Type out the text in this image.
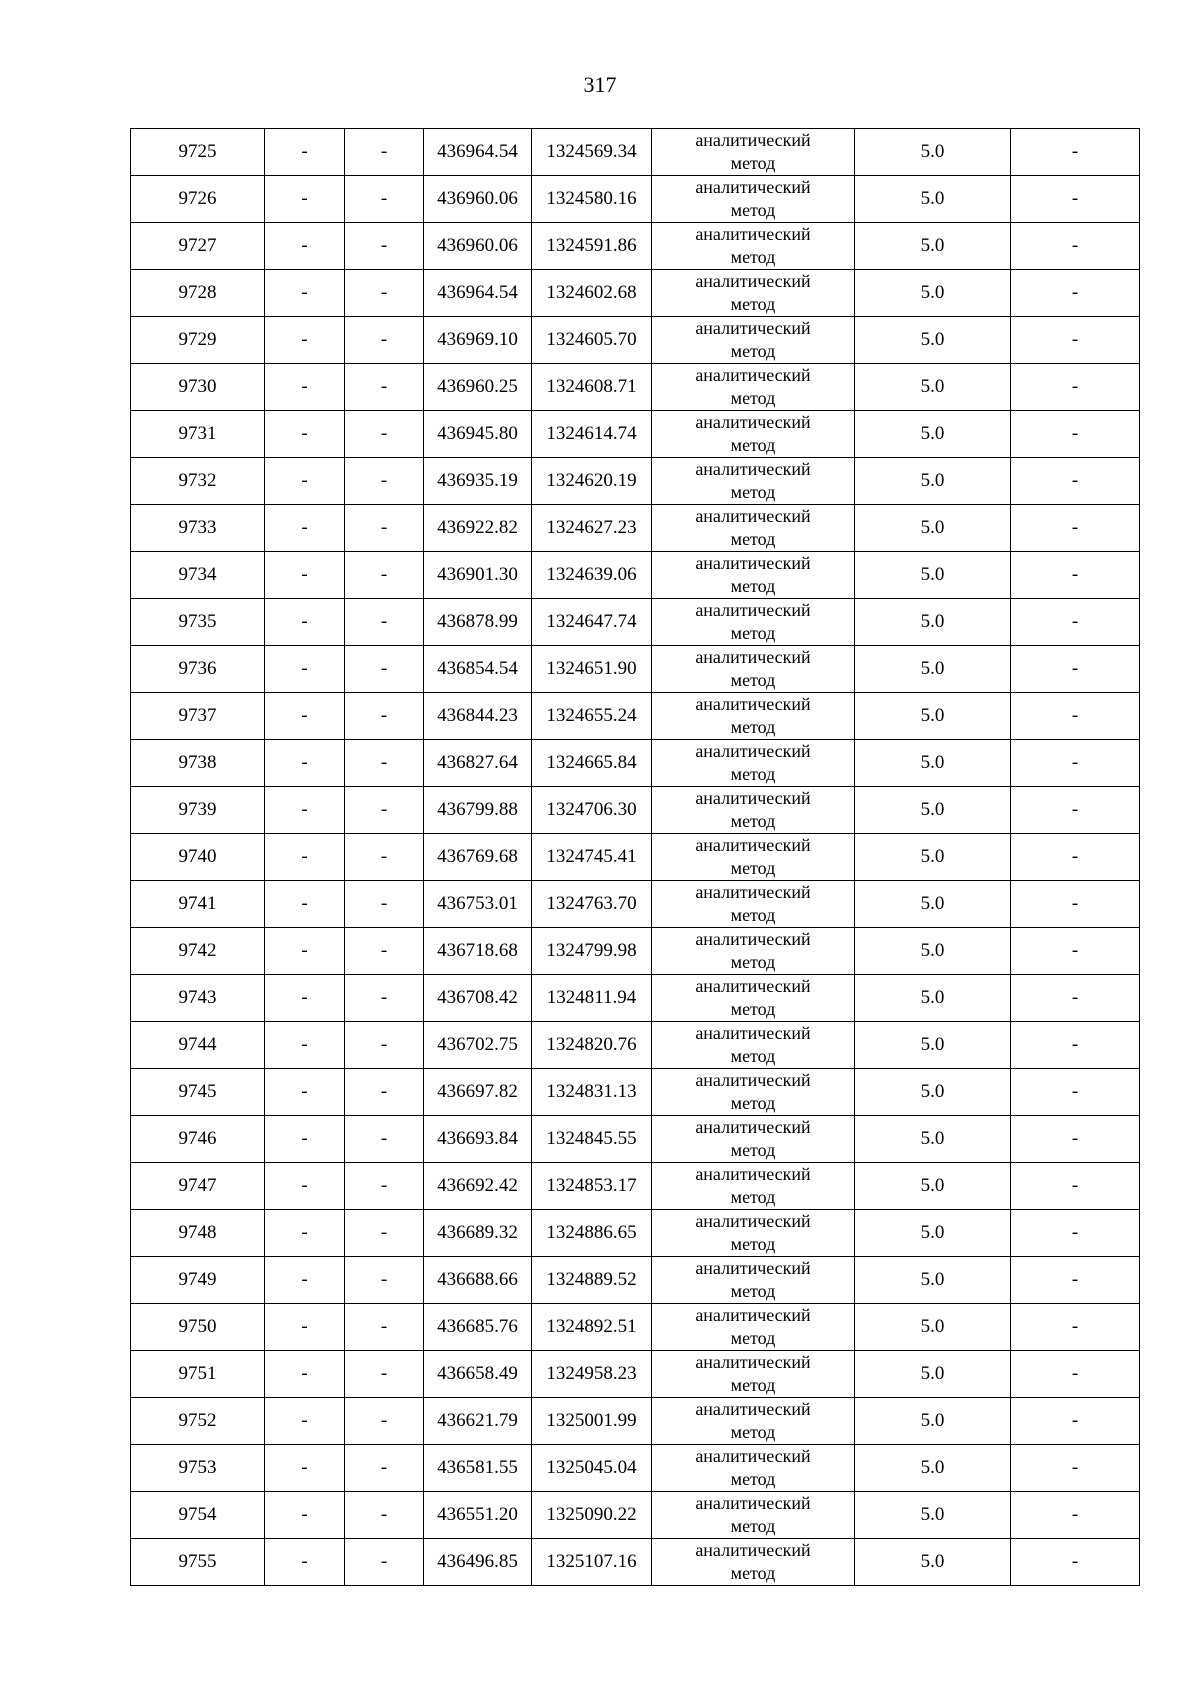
317
9725	-	-	436964.54	1324569.34	аналитический
метод	5.0	-
9726	-	-	436960.06	1324580.16	аналитический
метод	5.0	-
9727	-	-	436960.06	1324591.86	аналитический
метод	5.0	-
9728	-	-	436964.54	1324602.68	аналитический
метод	5.0	-
9729	-	-	436969.10	1324605.70	аналитический
метод	5.0	-
9730	-	-	436960.25	1324608.71	аналитический
метод	5.0	-
9731	-	-	436945.80	1324614.74	аналитический
метод	5.0	-
9732	-	-	436935.19	1324620.19	аналитический
метод	5.0	-
9733	-	-	436922.82	1324627.23	аналитический
метод	5.0	-
9734	-	-	436901.30	1324639.06	аналитический
метод	5.0	-
9735	-	-	436878.99	1324647.74	аналитический
метод	5.0	-
9736	-	-	436854.54	1324651.90	аналитический
метод	5.0	-
9737	-	-	436844.23	1324655.24	аналитический
метод	5.0	-
9738	-	-	436827.64	1324665.84	аналитический
метод	5.0	-
9739	-	-	436799.88	1324706.30	аналитический
метод	5.0	-
9740	-	-	436769.68	1324745.41	аналитический
метод	5.0	-
9741	-	-	436753.01	1324763.70	аналитический
метод	5.0	-
9742	-	-	436718.68	1324799.98	аналитический
метод	5.0	-
9743	-	-	436708.42	1324811.94	аналитический
метод	5.0	-
9744	-	-	436702.75	1324820.76	аналитический
метод	5.0	-
9745	-	-	436697.82	1324831.13	аналитический
метод	5.0	-
9746	-	-	436693.84	1324845.55	аналитический
метод	5.0	-
9747	-	-	436692.42	1324853.17	аналитический
метод	5.0	-
9748	-	-	436689.32	1324886.65	аналитический
метод	5.0	-
9749	-	-	436688.66	1324889.52	аналитический
метод	5.0	-
9750	-	-	436685.76	1324892.51	аналитический
метод	5.0	-
9751	-	-	436658.49	1324958.23	аналитический
метод	5.0	-
9752	-	-	436621.79	1325001.99	аналитический
метод	5.0	-
9753	-	-	436581.55	1325045.04	аналитический
метод	5.0	-
9754	-	-	436551.20	1325090.22	аналитический
метод	5.0	-
9755	-	-	436496.85	1325107.16	аналитический
метод	5.0	-
